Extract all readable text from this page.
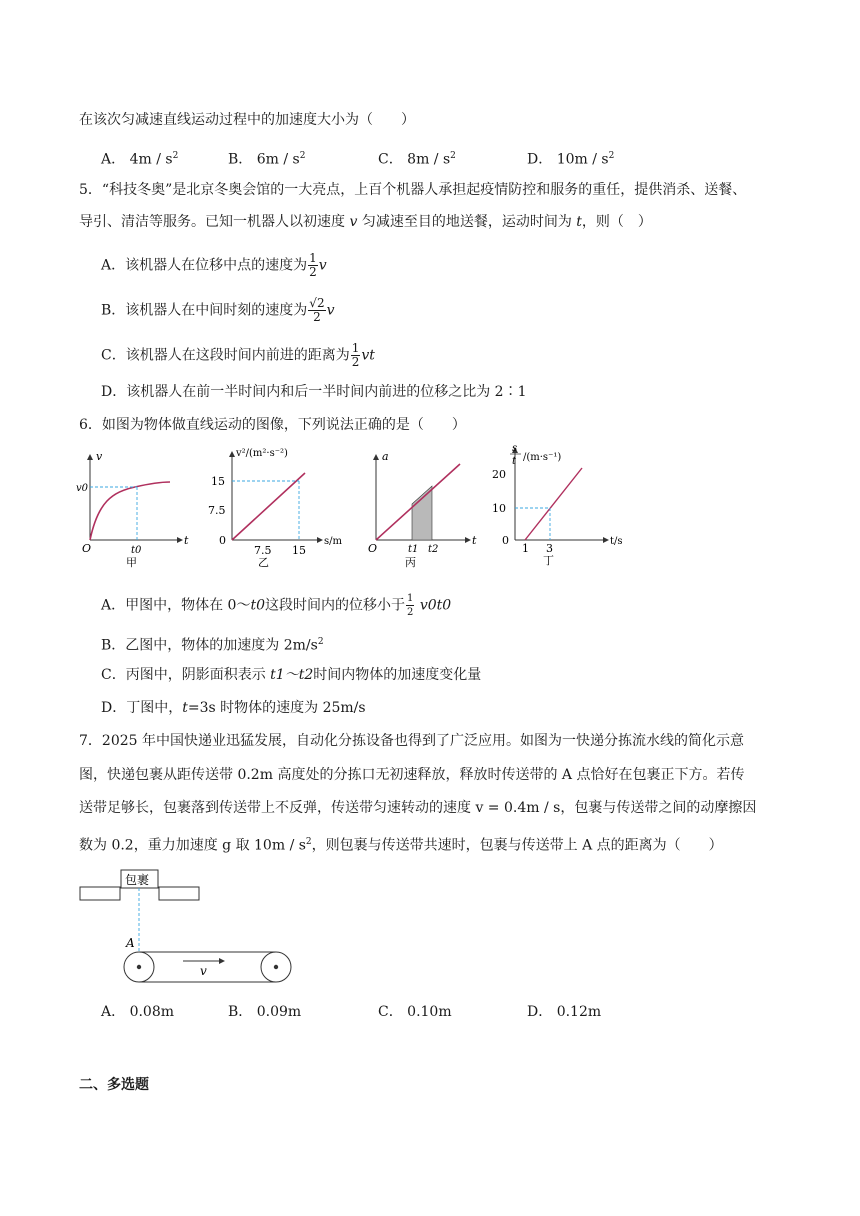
在该次匀减速直线运动过程中的加速度大小为（　　）
A． $4m / s^2$	B． $6m / s^2$	C． $8m / s^2$	D． $10m / s^2$
5．“科技冬奥”是北京冬奥会馆的一大亮点，上百个机器人承担起疫情防控和服务的重任，提供消杀、送餐、
导引、清洁等服务。已知一机器人以初速度 v 匀减速至目的地送餐，运动时间为 t，则（　）
A．该机器人在位移中点的速度为 $\frac{1}{2}$ v
B．该机器人在中间时刻的速度为 $\frac{√2}{2}$ v
C．该机器人在这段时间内前进的距离为 $\frac{1}{2}$ vt
D．该机器人在前一半时间内和后一半时间内前进的位移之比为 2∶1
6．如图为物体做直线运动的图像，下列说法正确的是（　　）
v
t
O
v0
t0
甲
v²/(m²·s⁻²)
s/m
15
7.5
0
7.5 15
乙
a
t
O	t1 t2
丙
s
t /(m·s⁻¹)
t/s
20
10
0
1 3
丁
A．甲图中，物体在 0～t0这段时间内的位移小于 $\frac{1}{2} v0t0$
B．乙图中，物体的加速度为 $2m/s^2$
C．丙图中，阴影面积表示 t1～t2时间内物体的加速度变化量
D．丁图中，t=3s 时物体的速度为 25m/s
7．2025 年中国快递业迅猛发展，自动化分拣设备也得到了广泛应用。如图为一快递分拣流水线的简化示意
图，快递包裹从距传送带 0.2m 高度处的分拣口无初速释放，释放时传送带的 A 点恰好在包裹正下方。若传
送带足够长，包裹落到传送带上不反弹，传送带匀速转动的速度 v = 0.4m / s，包裹与传送带之间的动摩擦因
数为 0.2，重力加速度 g 取 $10m / s^2$，则包裹与传送带共速时，包裹与传送带上 A 点的距离为（　　）
包裹
A
v
A． 0.08m	B． 0.09m	C． 0.10m	D． 0.12m
二、多选题
